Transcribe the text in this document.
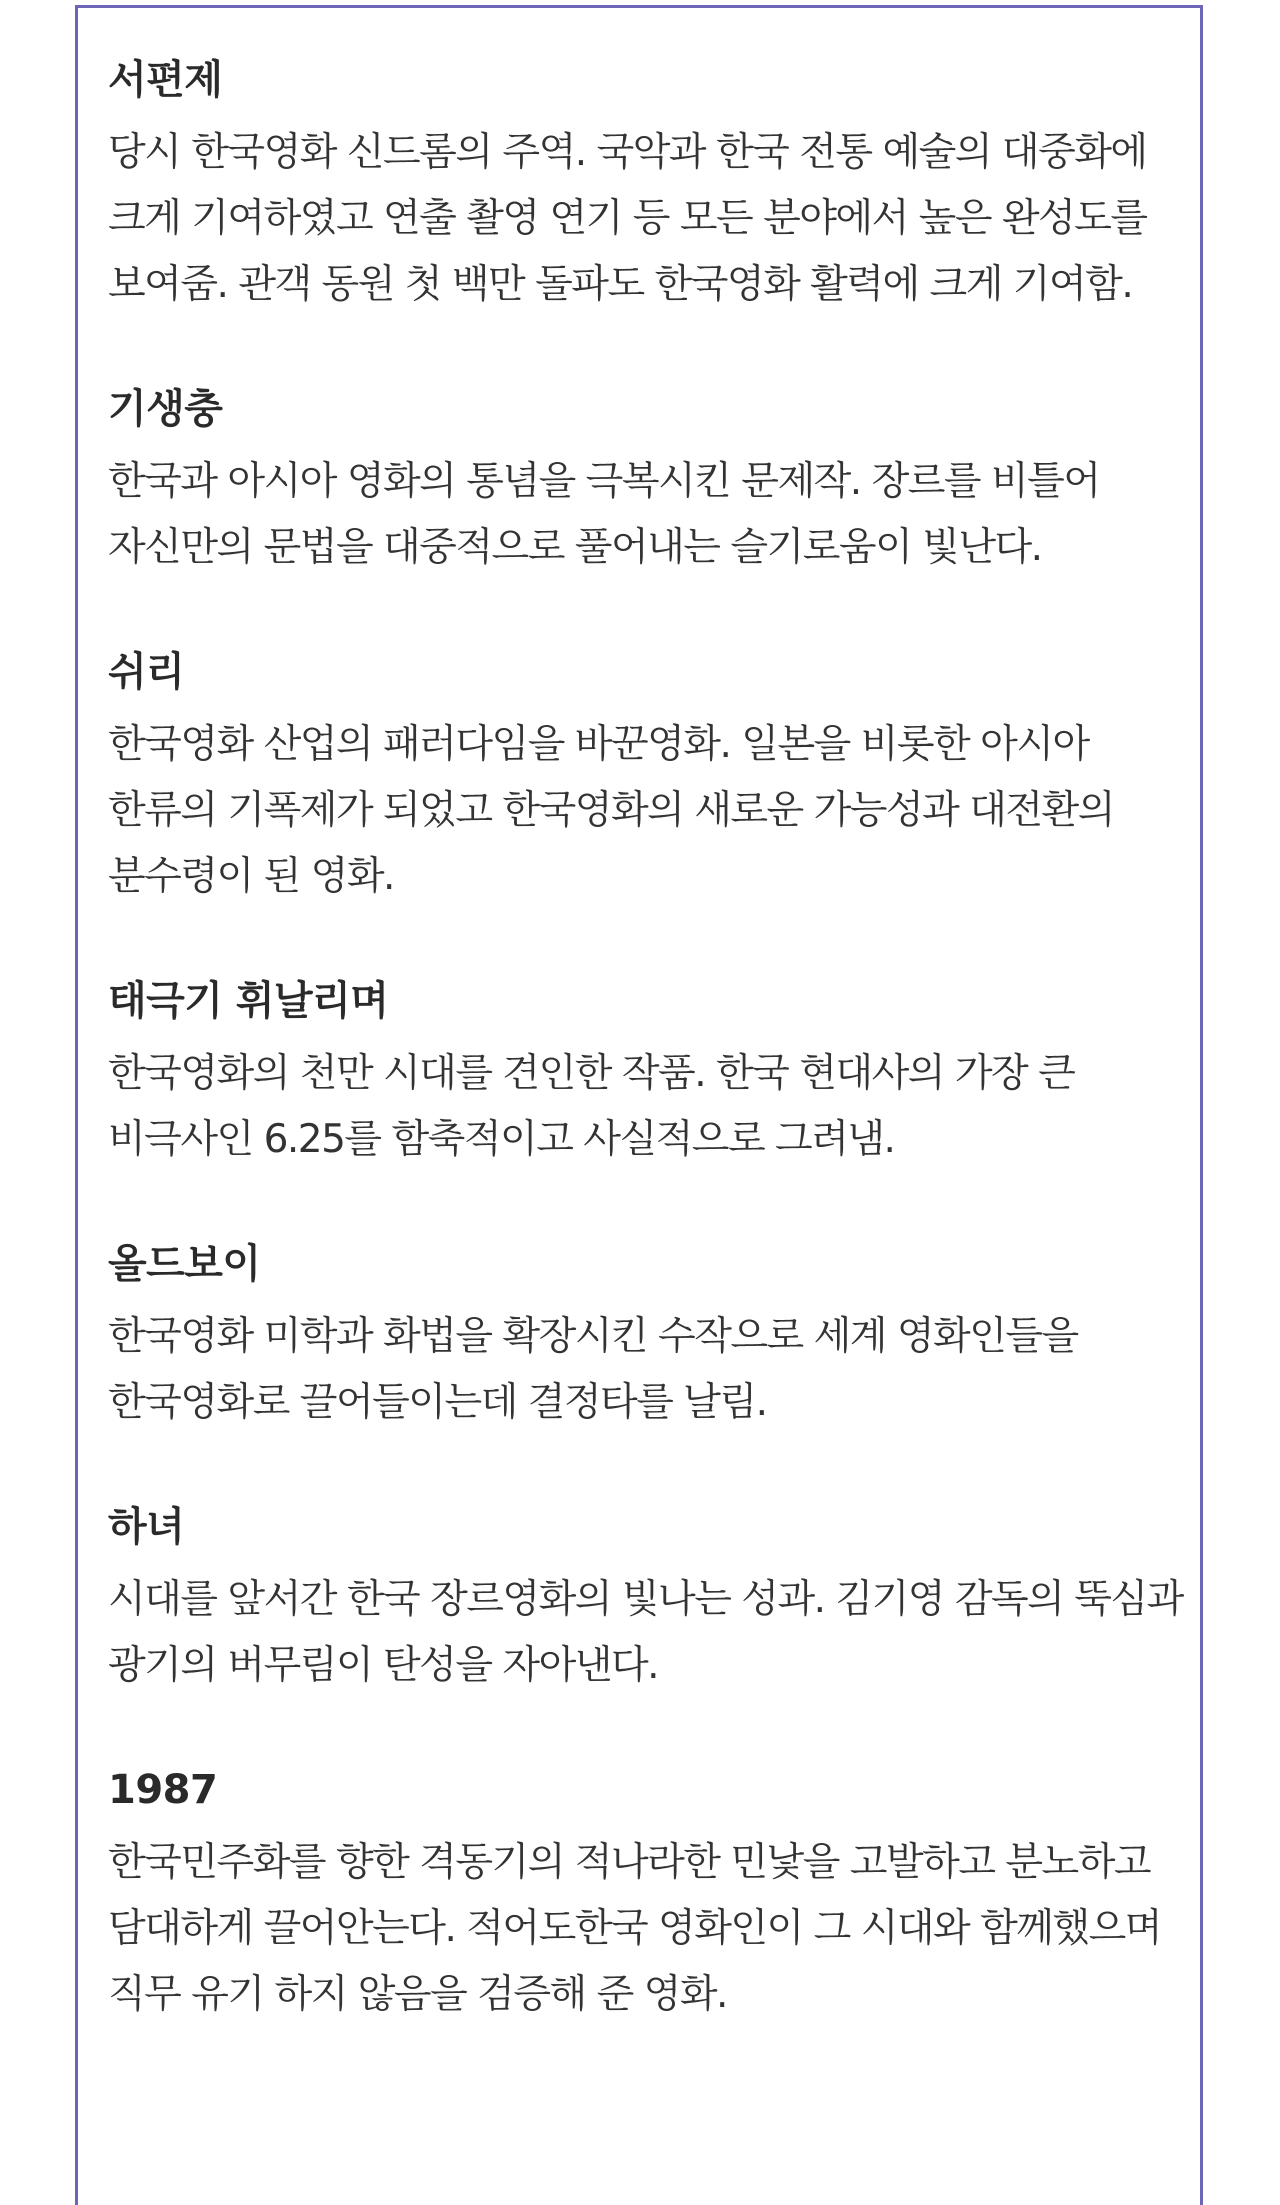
서편제

당시 한국영화 신드롬의 주역. 국악과 한국 전통 예술의 대중화에 크게 기여하였고 연출 촬영 연기 등 모든 분야에서 높은 완성도를 보여줌. 관객 동원 첫 백만 돌파도 한국영화 활력에 크게 기여함.

기생충

한국과 아시아 영화의 통념을 극복시킨 문제작. 장르를 비틀어 자신만의 문법을 대중적으로 풀어내는 슬기로움이 빛난다.

쉬리

한국영화 산업의 패러다임을 바꾼영화. 일본을 비롯한 아시아 한류의 기폭제가 되었고 한국영화의 새로운 가능성과 대전환의 분수령이 된 영화.

태극기 휘날리며

한국영화의 천만 시대를 견인한 작품. 한국 현대사의 가장 큰 비극사인 6.25를 함축적이고 사실적으로 그려냄.

올드보이

한국영화 미학과 화법을 확장시킨 수작으로 세계 영화인들을 한국영화로 끌어들이는데 결정타를 날림.

하녀

시대를 앞서간 한국 장르영화의 빛나는 성과. 김기영 감독의 뚝심과 광기의 버무림이 탄성을 자아낸다.

1987

한국민주화를 향한 격동기의 적나라한 민낯을 고발하고 분노하고 담대하게 끌어안는다. 적어도한국 영화인이 그 시대와 함께했으며 직무 유기 하지 않음을 검증해 준 영화.
